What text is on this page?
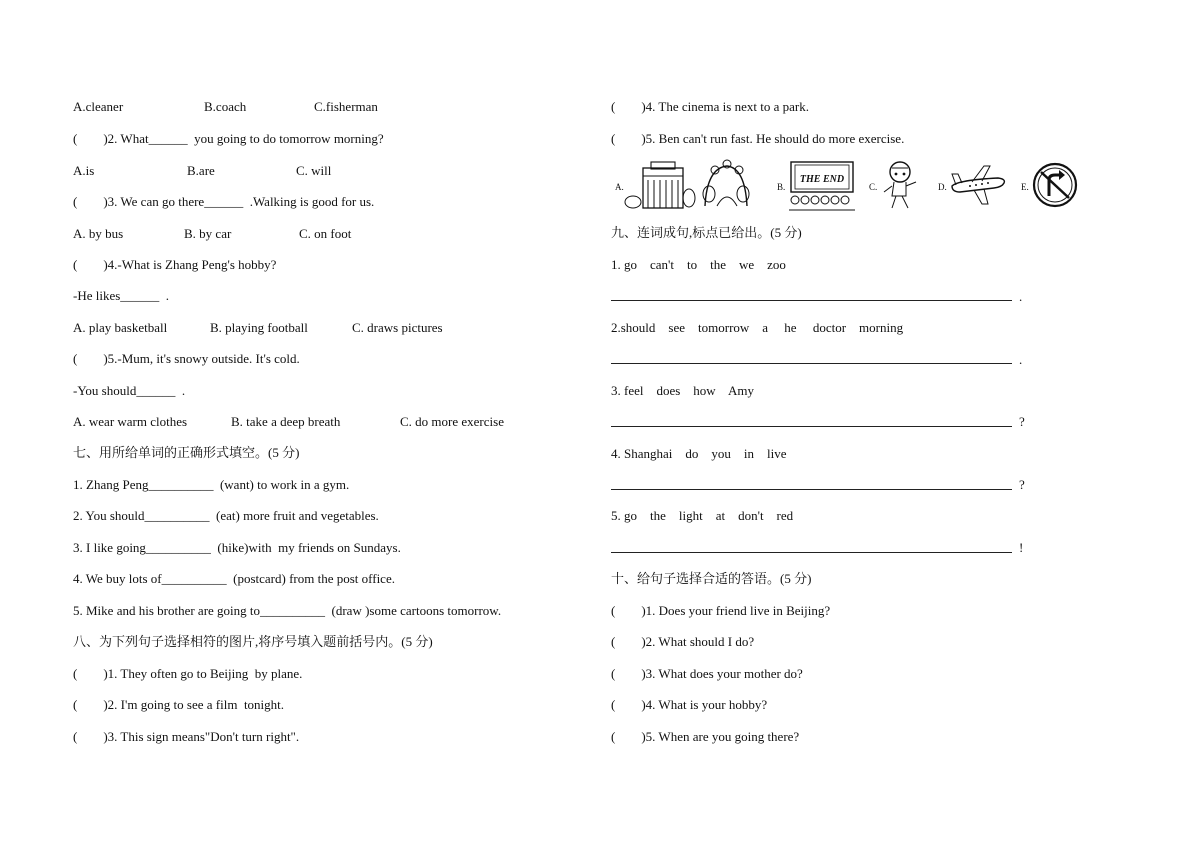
A.cleaner	B.coach	C.fisherman
(        )2. What______  you going to do tomorrow morning?
A.is	B.are	C. will
(        )3. We can go there______  .Walking is good for us.
A. by bus	B. by car	C. on foot
(        )4.-What is Zhang Peng's hobby?
-He likes______  .
A. play basketball	B. playing football	C. draws pictures
(        )5.-Mum, it's snowy outside. It's cold.
-You should______  .
A. wear warm clothes	B. take a deep breath	C. do more exercise
七、用所给单词的正确形式填空。(5 分)
1. Zhang Peng__________  (want) to work in a gym.
2. You should__________  (eat) more fruit and vegetables.
3. I like going__________  (hike)with  my friends on Sundays.
4. We buy lots of__________  (postcard) from the post office.
5. Mike and his brother are going to__________  (draw )some cartoons tomorrow.
八、为下列句子选择相符的图片,将序号填入题前括号内。(5 分)
(        )1. They often go to Beijing  by plane.
(        )2. I'm going to see a film  tonight.
(        )3. This sign means"Don't turn right".
(        )4. The cinema is next to a park.
(        )5. Ben can't run fast. He should do more exercise.
A.	B.
THE END
C.	D.	E.
九、连词成句,标点已给出。(5 分)
1. go    can't    to    the    we    zoo
.
2.should    see    tomorrow    a     he     doctor    morning
.
3. feel    does    how    Amy
?
4. Shanghai    do    you    in    live
?
5. go    the    light    at    don't    red
!
十、给句子选择合适的答语。(5 分)
(        )1. Does your friend live in Beijing?
(        )2. What should I do?
(        )3. What does your mother do?
(        )4. What is your hobby?
(        )5. When are you going there?
